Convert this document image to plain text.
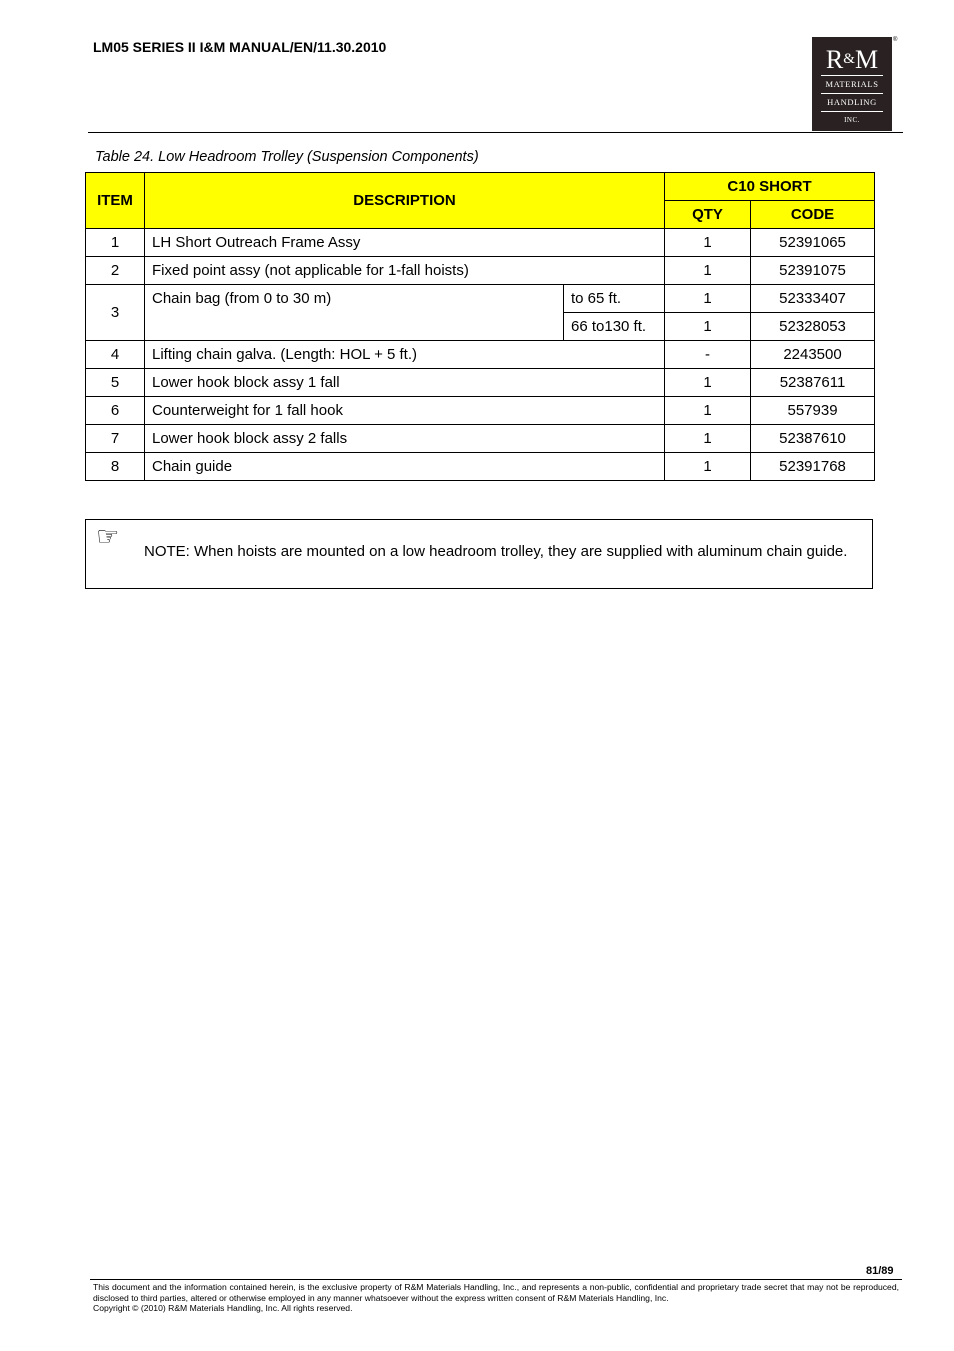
LM05 SERIES II I&M MANUAL/EN/11.30.2010	R&M
MATERIALS
HANDLING
INC.
®
Table 24. Low Headroom Trolley (Suspension Components)
ITEM	DESCRIPTION		C10 SHORT	
			QTY	CODE
1	LH Short Outreach Frame Assy		1	52391065
2	Fixed point assy (not applicable for 1-fall hoists)		1	52391075
3	Chain bag (from 0 to 30 m)	to 65 ft.	1	52333407
		66 to130 ft.	1	52328053
4	Lifting chain galva. (Length: HOL + 5 ft.)		-	2243500
5	Lower hook block assy 1 fall		1	52387611
6	Counterweight for 1 fall hook		1	557939
7	Lower hook block assy 2 falls		1	52387610
8	Chain guide		1	52391768
☞ NOTE: When hoists are mounted on a low headroom trolley, they are supplied with aluminum chain guide.
81/89
This document and the information contained herein, is the exclusive property of R&M Materials Handling, Inc., and represents a non-public, confidential and proprietary trade secret that may not be reproduced, disclosed to third parties, altered or otherwise employed in any manner whatsoever without the express written consent of R&M Materials Handling, Inc.
Copyright © (2010) R&M Materials Handling, Inc. All rights reserved.
